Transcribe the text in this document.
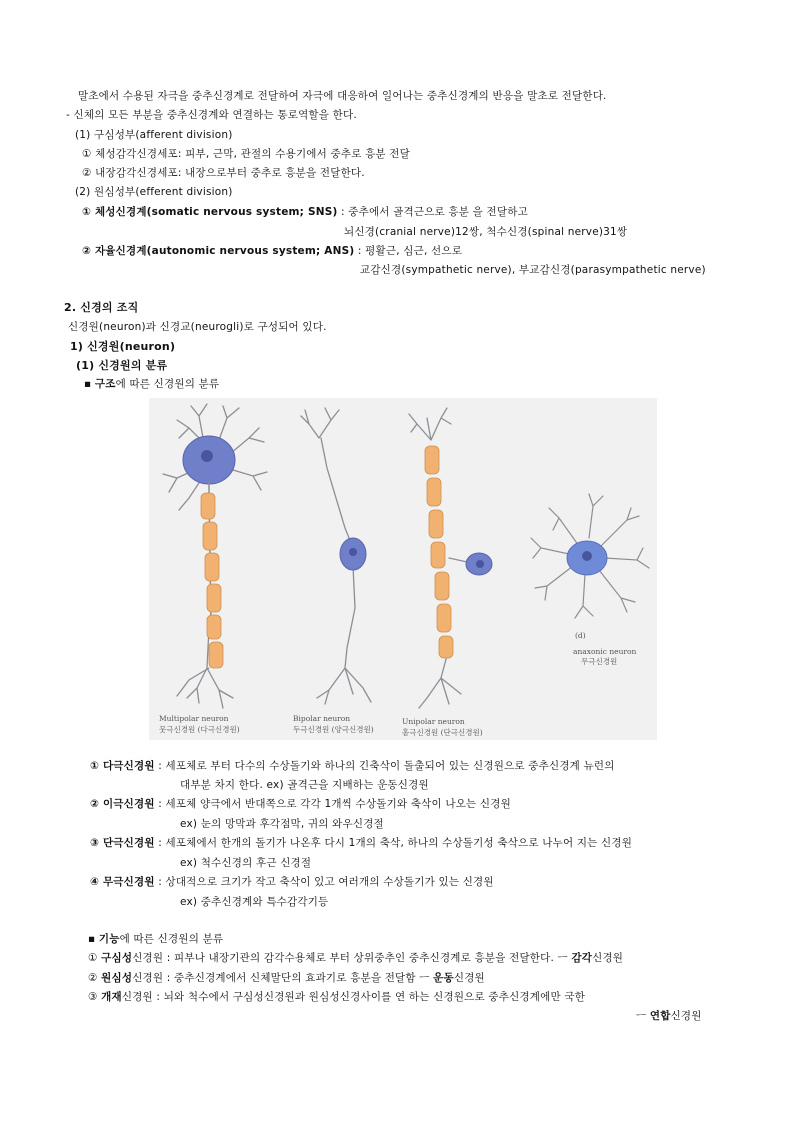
말초에서 수용된 자극을 중추신경계로 전달하여 자극에 대응하여 일어나는 중추신경계의 반응을 말초로 전달한다.
- 신체의 모든 부분을 중추신경계와 연결하는 통로역할을 한다.
(1) 구심성부(afferent division)
① 체성감각신경세포: 피부, 근막, 관절의 수용기에서 중추로 흥분 전달
② 내장감각신경세포: 내장으로부터 중추로 흥분을 전달한다.
(2) 원심성부(efferent division)
① 체성신경계(somatic nervous system; SNS) : 중추에서 골격근으로 흥분 을 전달하고
뇌신경(cranial nerve)12쌍, 척수신경(spinal nerve)31쌍
② 자율신경계(autonomic nervous system; ANS) : 평활근, 심근, 선으로
교감신경(sympathetic nerve), 부교감신경(parasympathetic nerve)
2. 신경의 조직
신경원(neuron)과 신경교(neurogli)로 구성되어 있다.
1) 신경원(neuron)
(1) 신경원의 분류
▪ 구조에 따른 신경원의 분류
Multipolar neuron
뭇극신경원 (다극신경원)
Bipolar neuron
두극신경원 (양극신경원)
Unipolar neuron
홑극신경원 (단극신경원)
(d)
anaxonic neuron
무극신경원
① 다극신경원 : 세포체로 부터 다수의 수상돌기와 하나의 긴축삭이 돌출되어 있는 신경원으로 중추신경계 뉴런의
대부분 차지 한다. ex) 골격근을 지배하는 운동신경원
② 이극신경원 : 세포체 양극에서 반대쪽으로 각각 1개씩 수상돌기와 축삭이 나오는 신경원
ex) 눈의 망막과 후각점막, 귀의 와우신경절
③ 단극신경원 : 세포체에서 한개의 돌기가 나온후 다시 1개의 축삭, 하나의 수상돌기성 축삭으로 나누어 지는 신경원
ex) 척수신경의 후근 신경절
④ 무극신경원 : 상대적으로 크기가 작고 축삭이 있고 여러개의 수상돌기가 있는 신경원
ex) 중추신경계와 특수감각기등
▪ 기능에 따른 신경원의 분류
① 구심성신경원 : 피부나 내장기관의 감각수용체로 부터 상위중추인 중추신경계로 흥분을 전달한다. ㅡ 감각신경원
② 원심성신경원 : 중추신경계에서 신체말단의 효과기로 흥분을 전달함 ㅡ 운동신경원
③ 개재신경원 : 뇌와 척수에서 구심성신경원과 원심성신경사이를 연 하는 신경원으로 중추신경계에만 국한
ㅡ 연합신경원
